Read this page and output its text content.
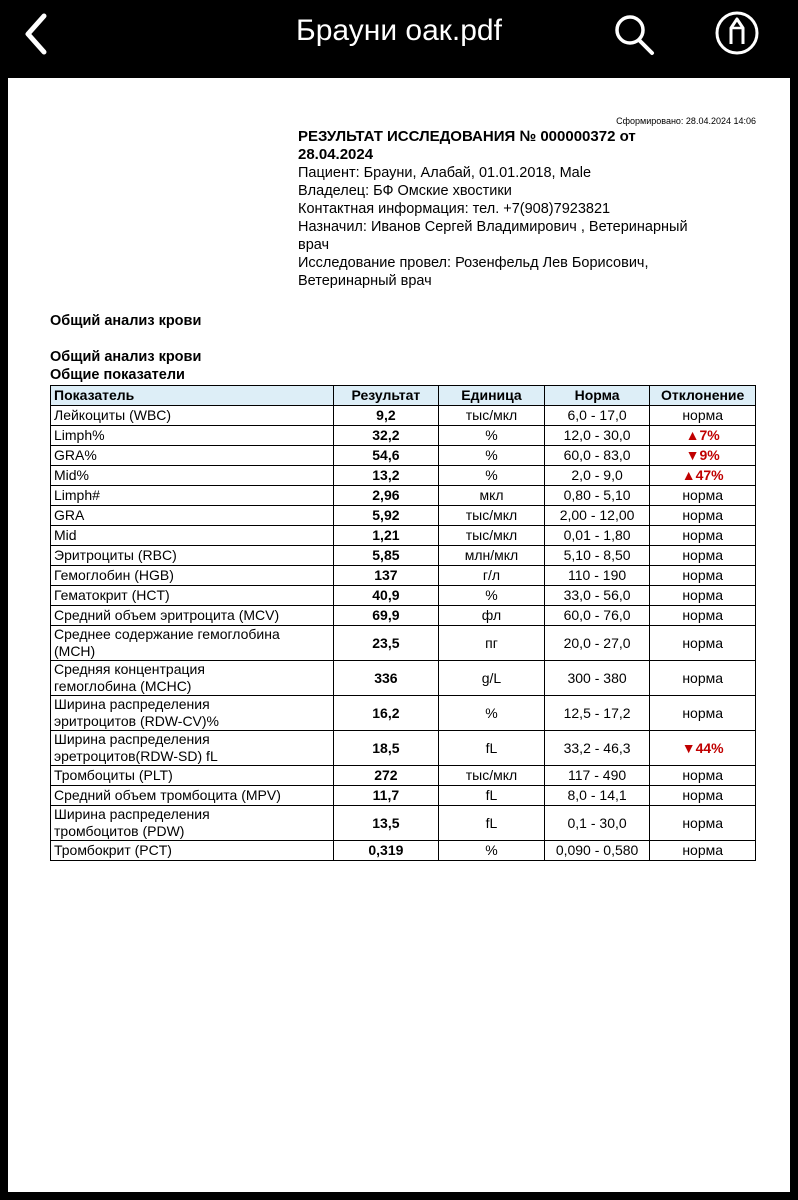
Брауни оак.pdf
Сформировано: 28.04.2024 14:06
РЕЗУЛЬТАТ ИССЛЕДОВАНИЯ № 000000372 от
28.04.2024
Пациент: Брауни, Алабай, 01.01.2018, Male
Владелец: БФ Омские хвостики
Контактная информация: тел. +7(908)7923821
Назначил: Иванов Сергей Владимирович , Ветеринарный
врач
Исследование провел: Розенфельд Лев Борисович,
Ветеринарный врач
Общий анализ крови
Общий анализ крови
Общие показатели
Показатель	Результат	Единица	Норма	Отклонение
Лейкоциты (WBC)	9,2	тыс/мкл	6,0 - 17,0	норма
Limph%	32,2	%	12,0 - 30,0	▲7%
GRA%	54,6	%	60,0 - 83,0	▼9%
Mid%	13,2	%	2,0 - 9,0	▲47%
Limph#	2,96	мкл	0,80 - 5,10	норма
GRA	5,92	тыс/мкл	2,00 - 12,00	норма
Mid	1,21	тыс/мкл	0,01 - 1,80	норма
Эритроциты (RBC)	5,85	млн/мкл	5,10 - 8,50	норма
Гемоглобин (HGB)	137	г/л	110 - 190	норма
Гематокрит (HCT)	40,9	%	33,0 - 56,0	норма
Средний объем эритроцита (MCV)	69,9	фл	60,0 - 76,0	норма
Среднее содержание гемоглобина
(MCH)	23,5	пг	20,0 - 27,0	норма
Средняя концентрация
гемоглобина (MCHC)	336	g/L	300 - 380	норма
Ширина распределения
эритроцитов (RDW-CV)%	16,2	%	12,5 - 17,2	норма
Ширина распределения
эретроцитов(RDW-SD) fL	18,5	fL	33,2 - 46,3	▼44%
Тромбоциты (PLT)	272	тыс/мкл	117 - 490	норма
Средний объем тромбоцита (MPV)	11,7	fL	8,0 - 14,1	норма
Ширина распределения
тромбоцитов (PDW)	13,5	fL	0,1 - 30,0	норма
Тромбокрит (PCT)	0,319	%	0,090 - 0,580	норма
